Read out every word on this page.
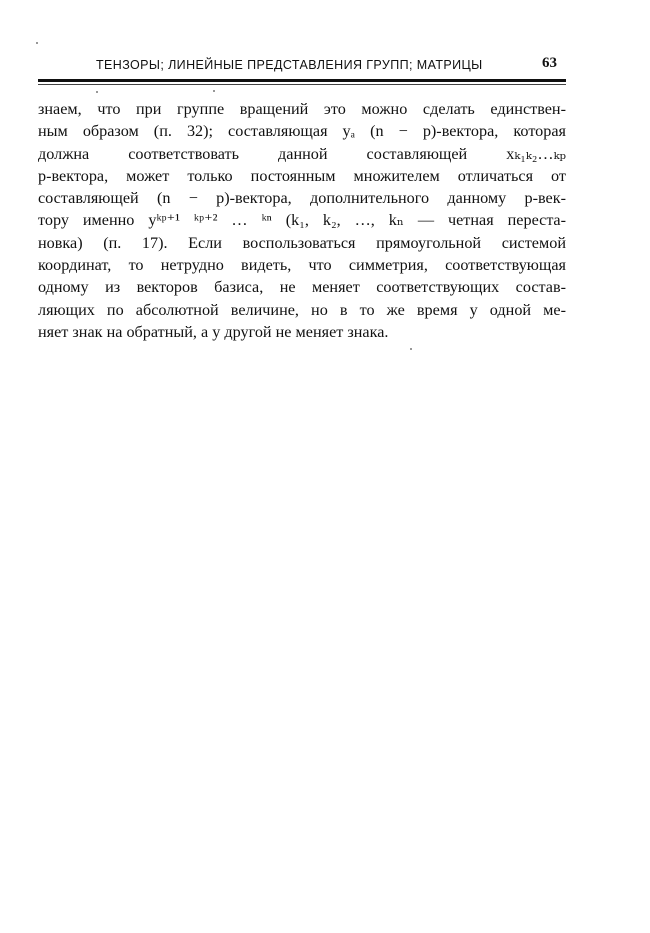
ТЕНЗОРЫ; ЛИНЕЙНЫЕ ПРЕДСТАВЛЕНИЯ ГРУПП; МАТРИЦЫ	63
знаем, что при группе вращений это можно сделать единствен-
ным образом (п. 32); составляющая yₐ (n − p)-вектора, которая
должна соответствовать данной составляющей xₖ₁ₖ₂…ₖₚ
p-вектора, может только постоянным множителем отличаться от
составляющей (n − p)-вектора, дополнительного данному p-век-
тору именно yᵏᵖ⁺¹ ᵏᵖ⁺² … ᵏⁿ (k₁, k₂, …, kₙ — четная перестa-
новка) (п. 17). Если воспользоваться прямоугольной системой
координат, то нетрудно видеть, что симметрия, соответствующая
одному из векторов базиса, не меняет соответствующих состав-
ляющих по абсолютной величине, но в то же время у одной ме-
няет знак на обратный, а у другой не меняет знака.
